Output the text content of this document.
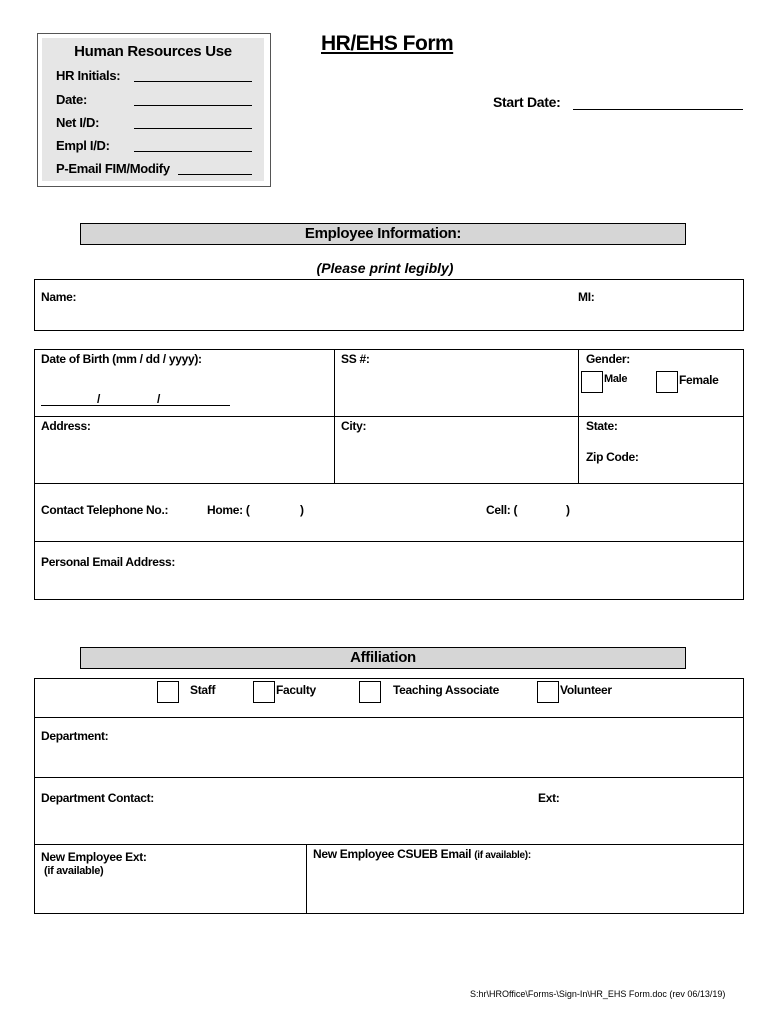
Human Resources Use
HR Initials:
Date:
Net I/D:
Empl I/D:
P-Email FIM/Modify
HR/EHS Form
Start Date:
Employee Information:
(Please print legibly)
Name:	MI:
Date of Birth (mm / dd / yyyy):
/	/
SS #:	Gender:
Male	Female
Address:	City:	State:
Zip Code:
Contact Telephone No.:	Home: (	)	Cell: (	)
Personal Email Address:
Affiliation
Staff	Faculty	Teaching Associate	Volunteer
Department:
Department Contact:	Ext:
New Employee Ext:
(if available)
New Employee CSUEB Email (if available):
S:hr\HROffice\Forms-\Sign-In\HR_EHS Form.doc (rev 06/13/19)
